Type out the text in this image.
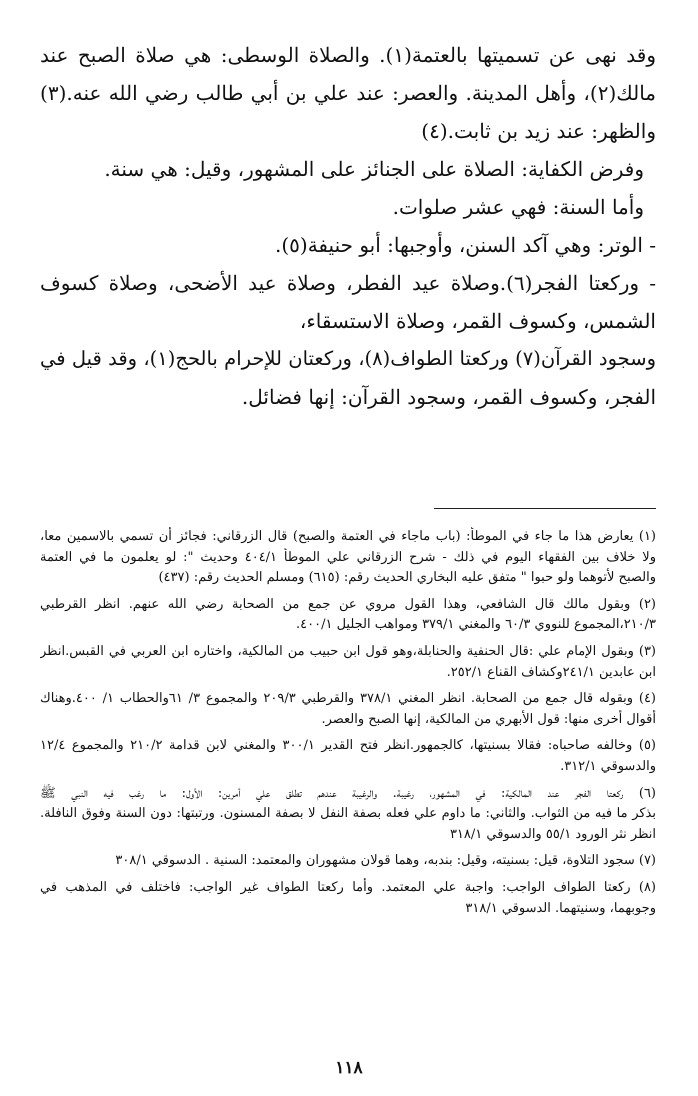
وقد نهى عن تسميتها بالعتمة(١). والصلاة الوسطى: هي صلاة الصبح عند
مالك(٢)، وأهل المدينة. والعصر: عند علي بن أبي طالب رضي الله عنه.(٣)
والظهر: عند زيد بن ثابت.(٤)
وفرض الكفاية: الصلاة على الجنائز على المشهور، وقيل: هي سنة.
وأما السنة: فهي عشر صلوات.
- الوتر: وهي آكد السنن، وأوجبها: أبو حنيفة(٥).
- وركعتا الفجر(٦).وصلاة عيد الفطر، وصلاة عيد الأضحى، وصلاة كسوف
الشمس، وكسوف القمر، وصلاة الاستسقاء،
وسجود القرآن(٧) وركعتا الطواف(٨)، وركعتان للإحرام بالحج(١)، وقد قيل في
الفجر، وكسوف القمر، وسجود القرآن: إنها فضائل.
(١) يعارض هذا ما جاء في الموطأ: (باب ماجاء في العتمة والصبح) قال الزرقاني: فجائز أن تسمي بالاسمين معا،
ولا خلاف بين الفقهاء اليوم في ذلك - شرح الزرقاني علي الموطأ ٤٠٤/١ وحديث ": لو يعلمون ما في العتمة
والصبح لأتوهما ولو حبوا " متفق عليه البخاري الحديث رقم: (٦١٥) ومسلم الحديث رقم: (٤٣٧)
(٢) وبقول مالك قال الشافعي، وهذا القول مروي عن جمع من الصحابة رضي الله عنهم. انظر القرطبي
٢١٠/٣،المجموع للنووي ٦٠/٣ والمغني ٣٧٩/١ ومواهب الجليل ٤٠٠/١.
(٣) وبقول الإمام علي :قال الحنفية والحنابلة،وهو قول ابن حبيب من المالكية، واختاره ابن العربي في القبس.انظر
ابن عابدين ٢٤١/١وكشاف القناع ٢٥٢/١.
(٤) وبقوله قال جمع من الصحابة. انظر المغني ٣٧٨/١ والقرطبي ٢٠٩/٣ والمجموع ٣/ ٦١والحطاب ١/ ٤٠٠.وهناك
أقوال أخرى منها: قول الأبهري من المالكية، إنها الصبح والعصر.
(٥) وخالفه صاحباه: فقالا بسنيتها، كالجمهور.انظر فتح القدير ٣٠٠/١ والمغني لابن قدامة ٢١٠/٢ والمجموع ١٢/٤
والدسوقي ٣١٢/١.
(٦) ركعتا الفجر عند المالكية: في المشهور، رغيبة. والرغيبة عندهم تطلق علي أمرين: الأول: ما رغب فيه النبي ﷺ
بذكر ما فيه من الثواب. والثاني: ما داوم علي فعله بصفة النفل لا بصفة المسنون. ورتبتها: دون السنة وفوق النافلة.
انظر نثر الورود ٥٥/١ والدسوقي ٣١٨/١
(٧) سجود التلاوة، قيل: بسنيته، وقيل: بندبه، وهما قولان مشهوران والمعتمد: السنية . الدسوقي ٣٠٨/١
(٨) ركعتا الطواف الواجب: واجبة علي المعتمد. وأما ركعتا الطواف غير الواجب: فاختلف في المذهب في
وجوبهما، وسنيتهما. الدسوقي ٣١٨/١
١١٨
